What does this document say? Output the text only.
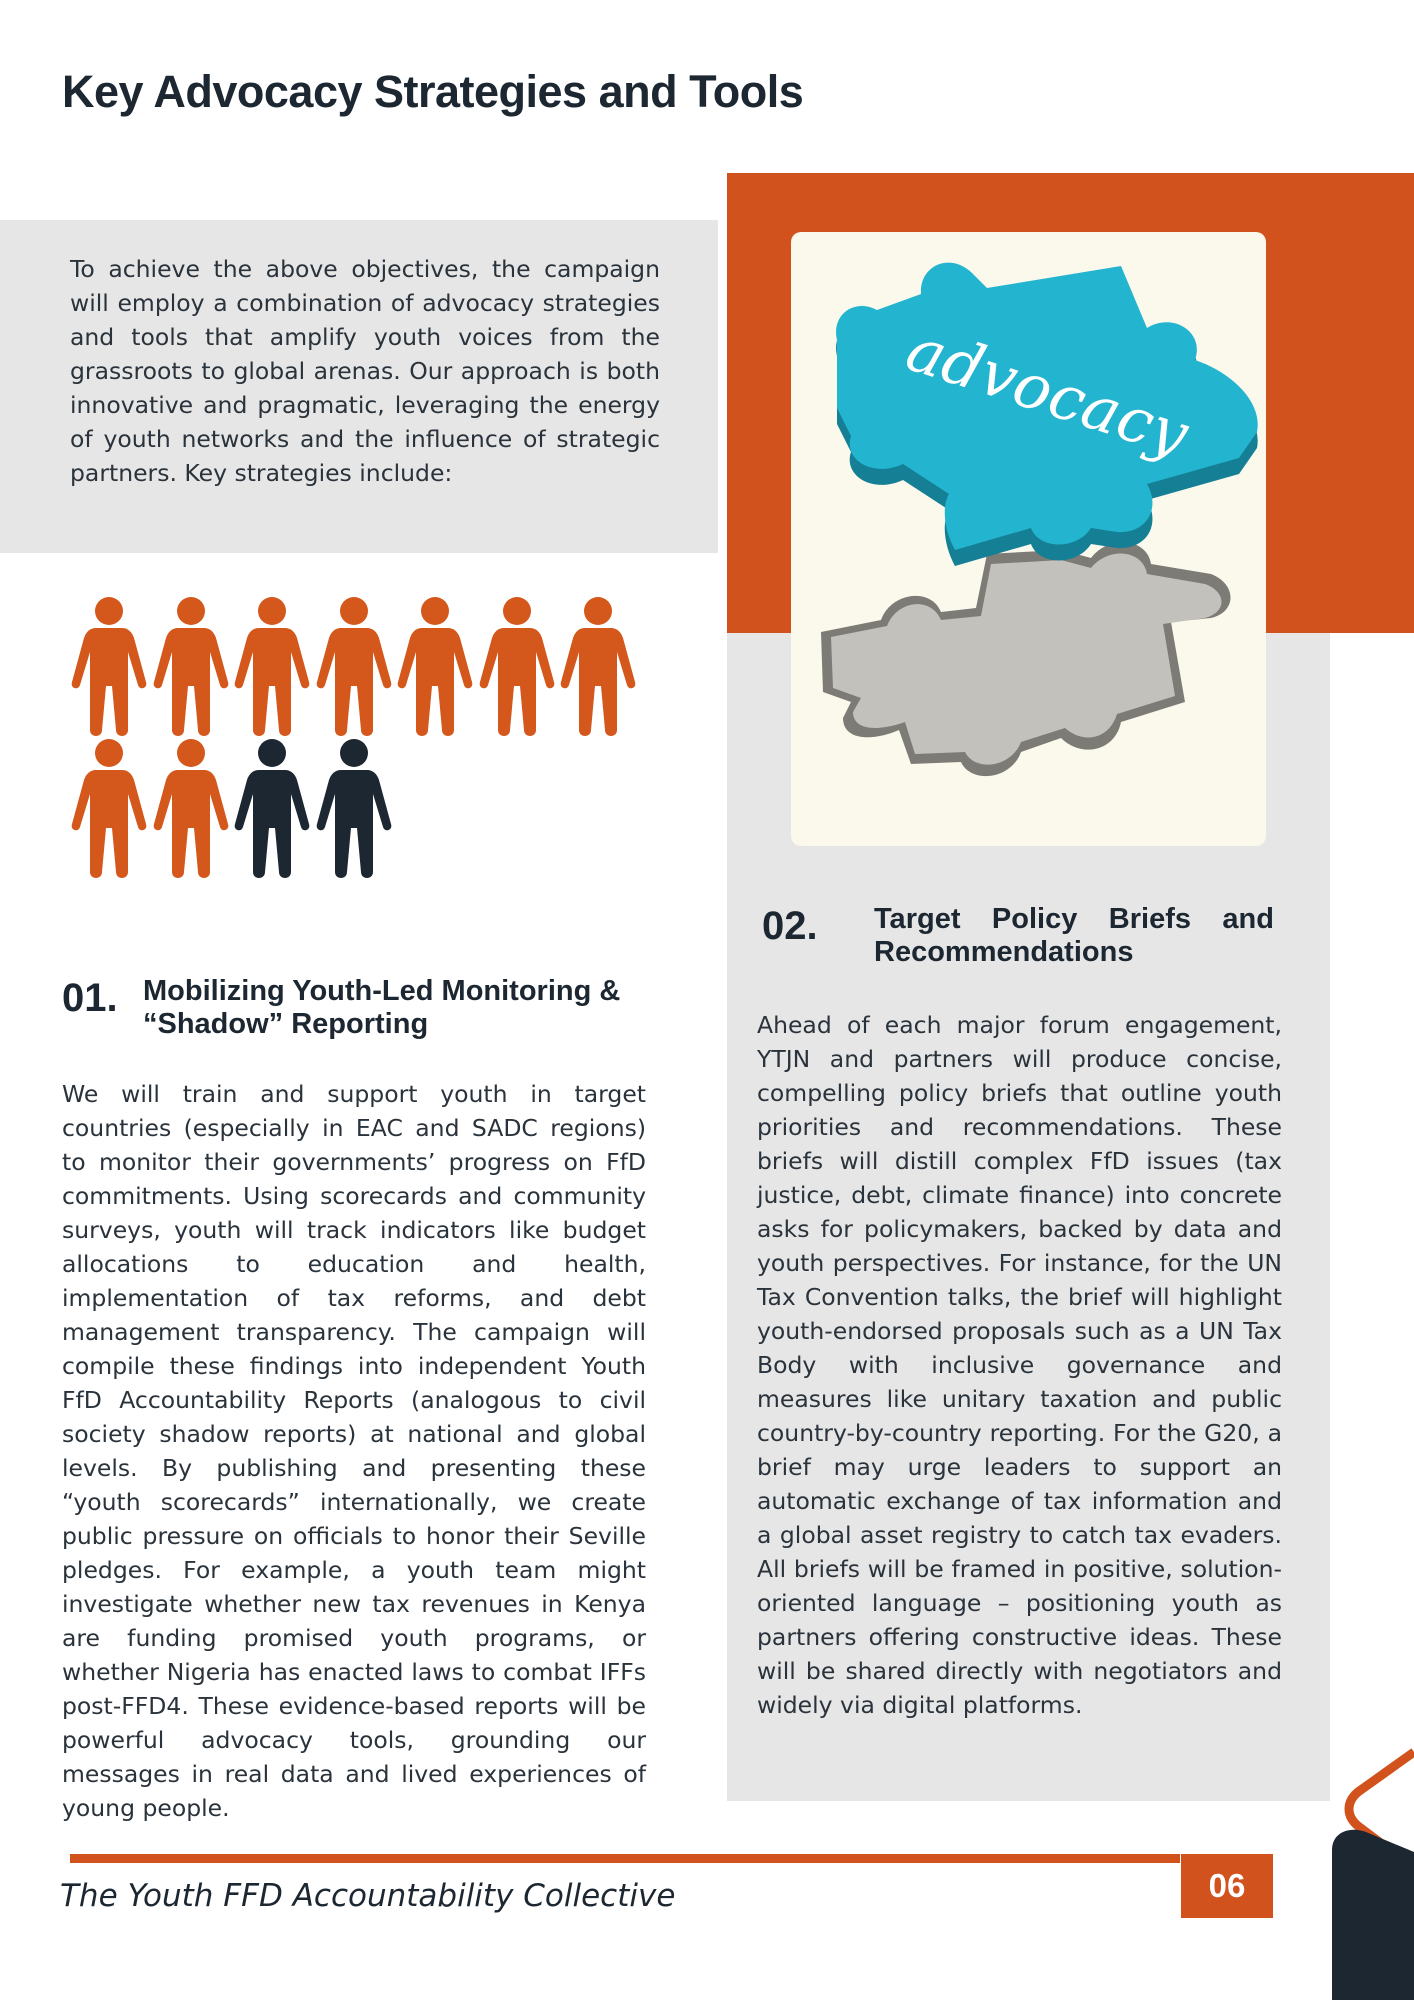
Key Advocacy Strategies and Tools

To achieve the above objectives, the campaign will employ a combination of advocacy strategies and tools that amplify youth voices from the grassroots to global arenas. Our approach is both innovative and pragmatic, leveraging the energy of youth networks and the influence of strategic partners. Key strategies include:

advocacy

01. Mobilizing Youth-Led Monitoring & “Shadow” Reporting

We will train and support youth in target countries (especially in EAC and SADC regions) to monitor their governments’ progress on FfD commitments. Using scorecards and community surveys, youth will track indicators like budget allocations to education and health, implementation of tax reforms, and debt management transparency. The campaign will compile these findings into independent Youth FfD Accountability Reports (analogous to civil society shadow reports) at national and global levels. By publishing and presenting these “youth scorecards” internationally, we create public pressure on officials to honor their Seville pledges. For example, a youth team might investigate whether new tax revenues in Kenya are funding promised youth programs, or whether Nigeria has enacted laws to combat IFFs post-FFD4. These evidence-based reports will be powerful advocacy tools, grounding our messages in real data and lived experiences of young people.

02. Target Policy Briefs and Recommendations

Ahead of each major forum engagement, YTJN and partners will produce concise, compelling policy briefs that outline youth priorities and recommendations. These briefs will distill complex FfD issues (tax justice, debt, climate finance) into concrete asks for policymakers, backed by data and youth perspectives. For instance, for the UN Tax Convention talks, the brief will highlight youth-endorsed proposals such as a UN Tax Body with inclusive governance and measures like unitary taxation and public country-by-country reporting. For the G20, a brief may urge leaders to support an automatic exchange of tax information and a global asset registry to catch tax evaders. All briefs will be framed in positive, solution-oriented language – positioning youth as partners offering constructive ideas. These will be shared directly with negotiators and widely via digital platforms.

The Youth FFD Accountability Collective	06
